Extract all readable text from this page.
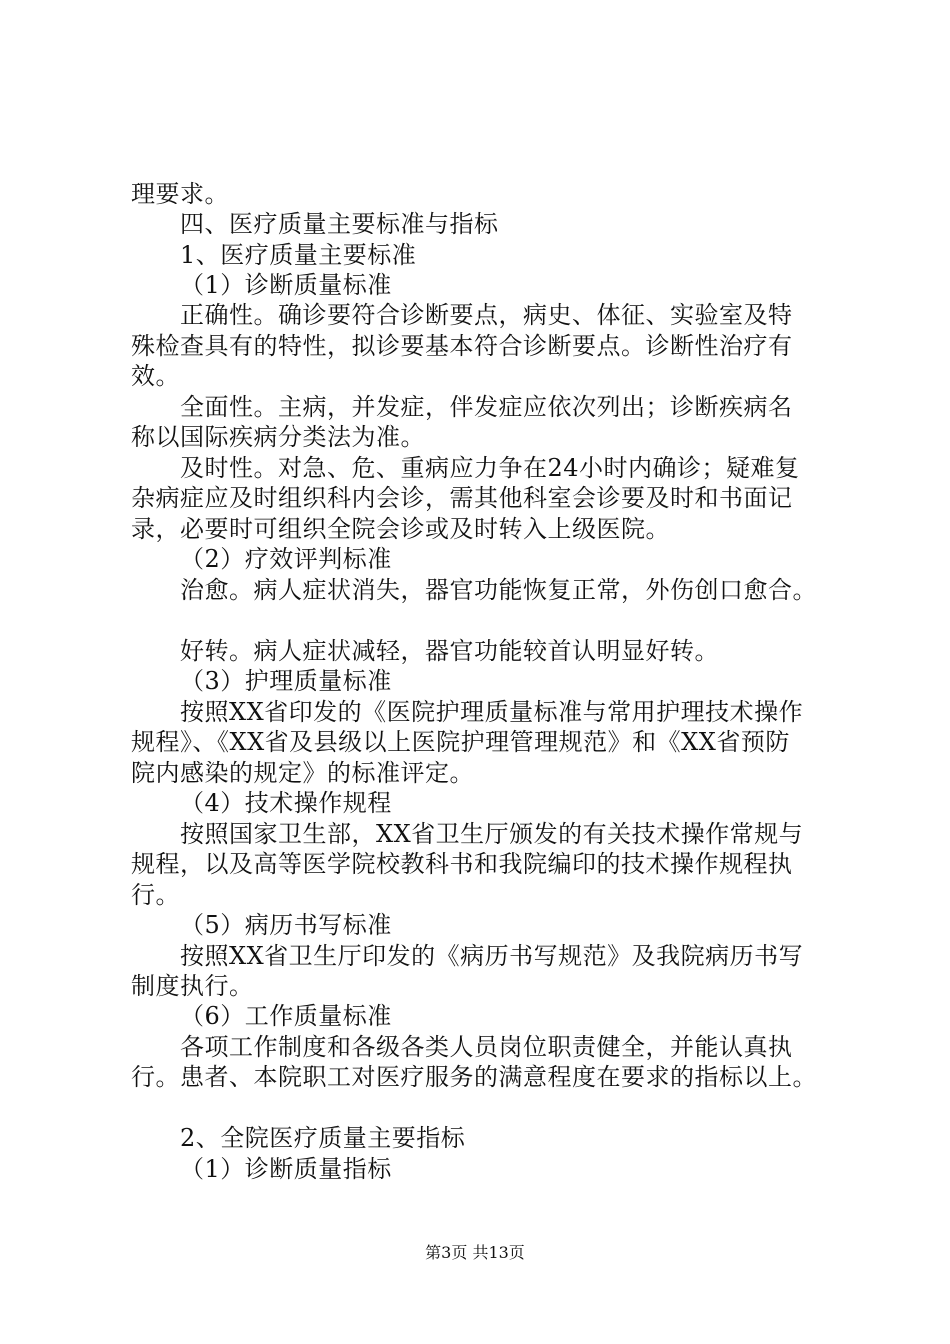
理要求。
四、医疗质量主要标准与指标
1、医疗质量主要标准
（1）诊断质量标准
正确性。确诊要符合诊断要点，病史、体征、实验室及特
殊检查具有的特性，拟诊要基本符合诊断要点。诊断性治疗有
效。
全面性。主病，并发症，伴发症应依次列出；诊断疾病名
称以国际疾病分类法为准。
及时性。对急、危、重病应力争在24小时内确诊；疑难复
杂病症应及时组织科内会诊，需其他科室会诊要及时和书面记
录，必要时可组织全院会诊或及时转入上级医院。
（2）疗效评判标准
治愈。病人症状消失，器官功能恢复正常，外伤创口愈合。
好转。病人症状减轻，器官功能较首认明显好转。
（3）护理质量标准
按照XX省印发的《医院护理质量标准与常用护理技术操作
规程》、《XX省及县级以上医院护理管理规范》和《XX省预防
院内感染的规定》的标准评定。
（4）技术操作规程
按照国家卫生部，XX省卫生厅颁发的有关技术操作常规与
规程，以及高等医学院校教科书和我院编印的技术操作规程执
行。
（5）病历书写标准
按照XX省卫生厅印发的《病历书写规范》及我院病历书写
制度执行。
（6）工作质量标准
各项工作制度和各级各类人员岗位职责健全，并能认真执
行。患者、本院职工对医疗服务的满意程度在要求的指标以上。
2、全院医疗质量主要指标
（1）诊断质量指标
第3页 共13页
